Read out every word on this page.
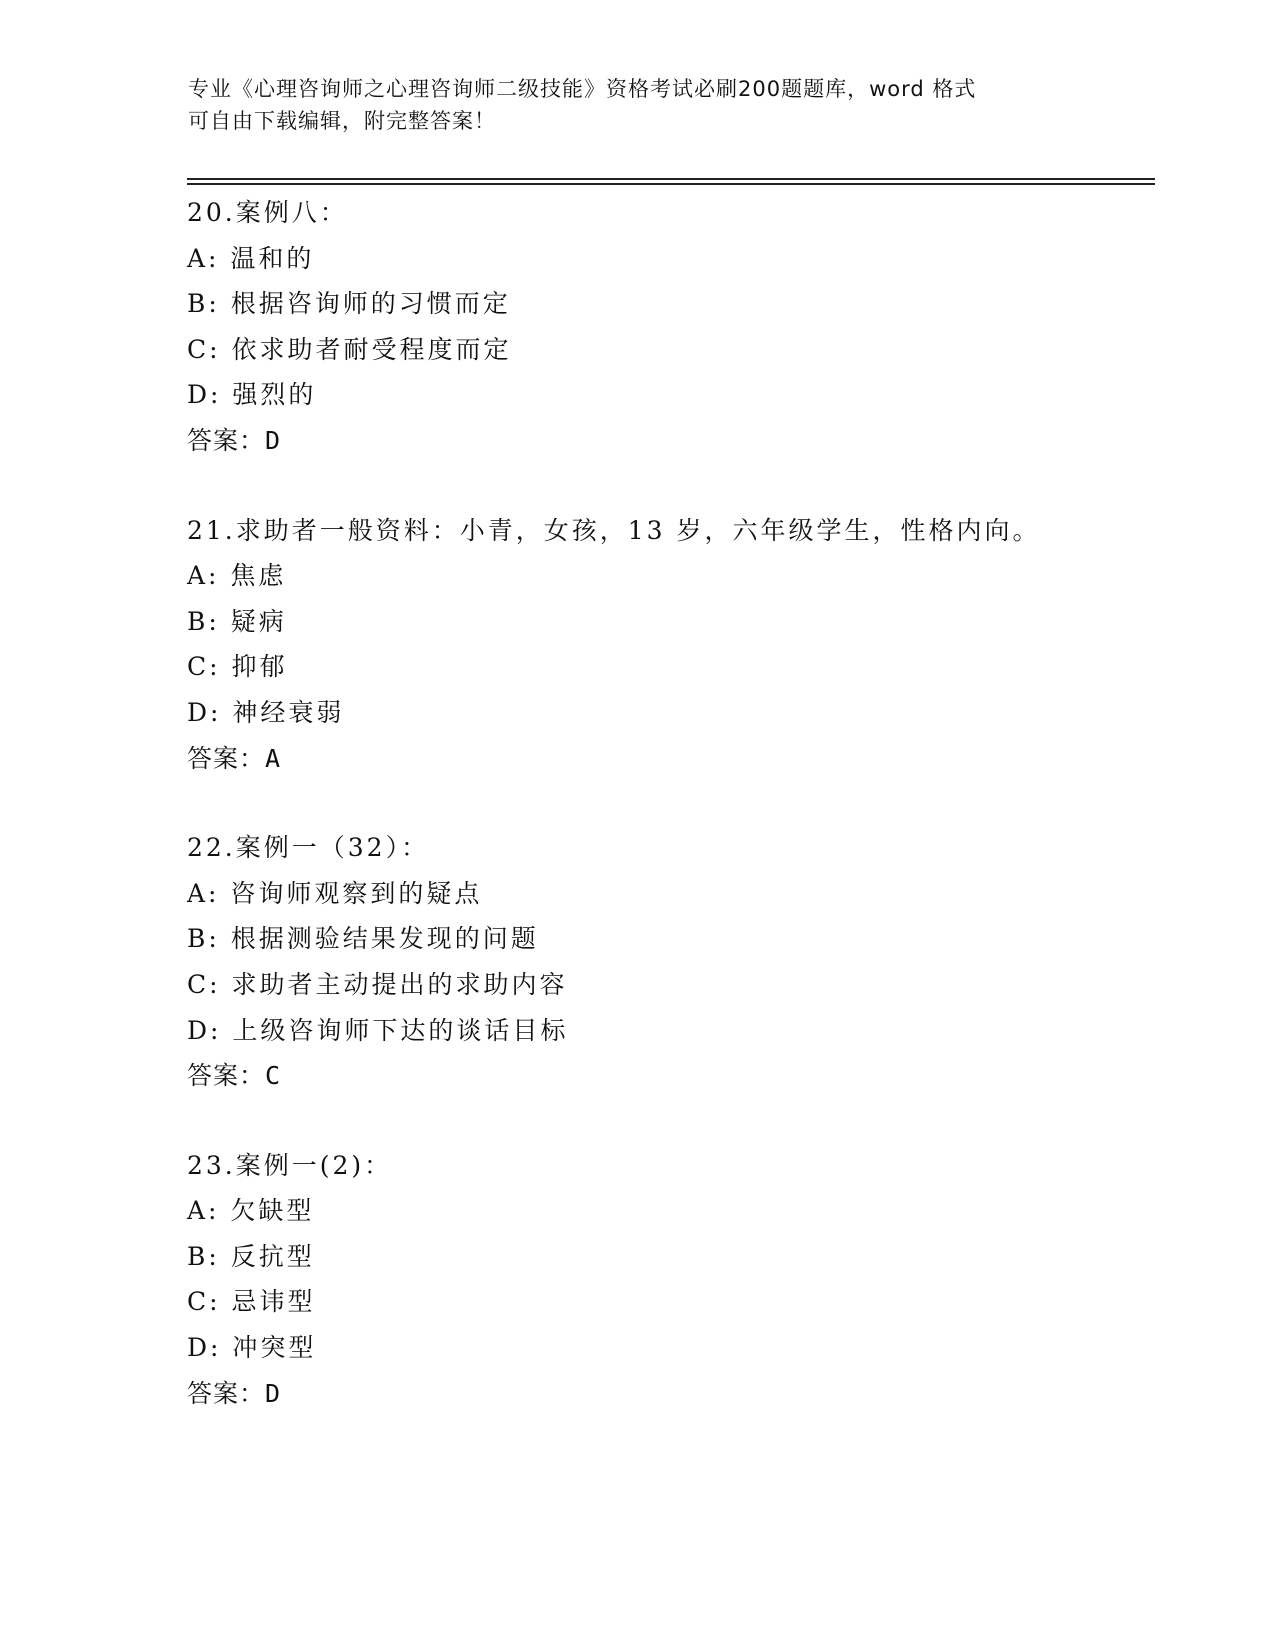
专业《心理咨询师之心理咨询师二级技能》资格考试必刷200题题库，word 格式
可自由下载编辑，附完整答案！
20.案例八：
A: 温和的
B: 根据咨询师的习惯而定
C: 依求助者耐受程度而定
D: 强烈的
答案：D
21.求助者一般资料：小青，女孩，13 岁，六年级学生，性格内向。
A: 焦虑
B: 疑病
C: 抑郁
D: 神经衰弱
答案：A
22.案例一（32）：
A: 咨询师观察到的疑点
B: 根据测验结果发现的问题
C: 求助者主动提出的求助内容
D: 上级咨询师下达的谈话目标
答案：C
23.案例一(2)：
A: 欠缺型
B: 反抗型
C: 忌讳型
D: 冲突型
答案：D
